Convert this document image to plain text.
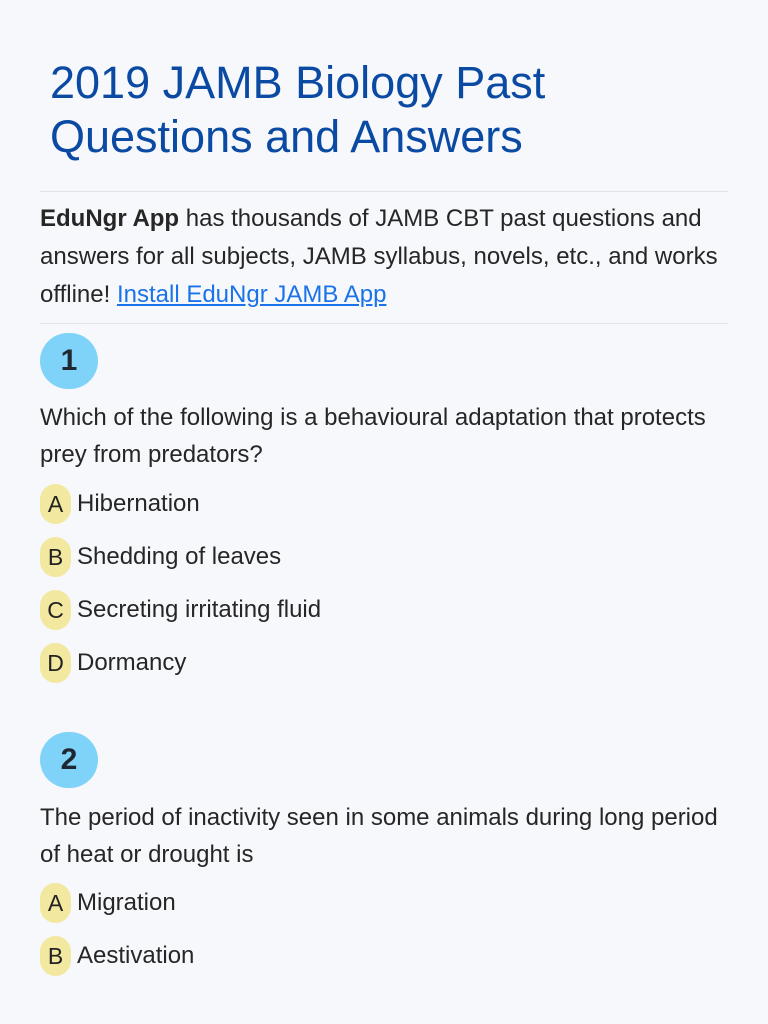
2019 JAMB Biology Past Questions and Answers

EduNgr App has thousands of JAMB CBT past questions and answers for all subjects, JAMB syllabus, novels, etc., and works offline! Install EduNgr JAMB App

1

Which of the following is a behavioural adaptation that protects prey from predators?

A Hibernation
B Shedding of leaves
C Secreting irritating fluid
D Dormancy
2

The period of inactivity seen in some animals during long period of heat or drought is

A Migration
B Aestivation
